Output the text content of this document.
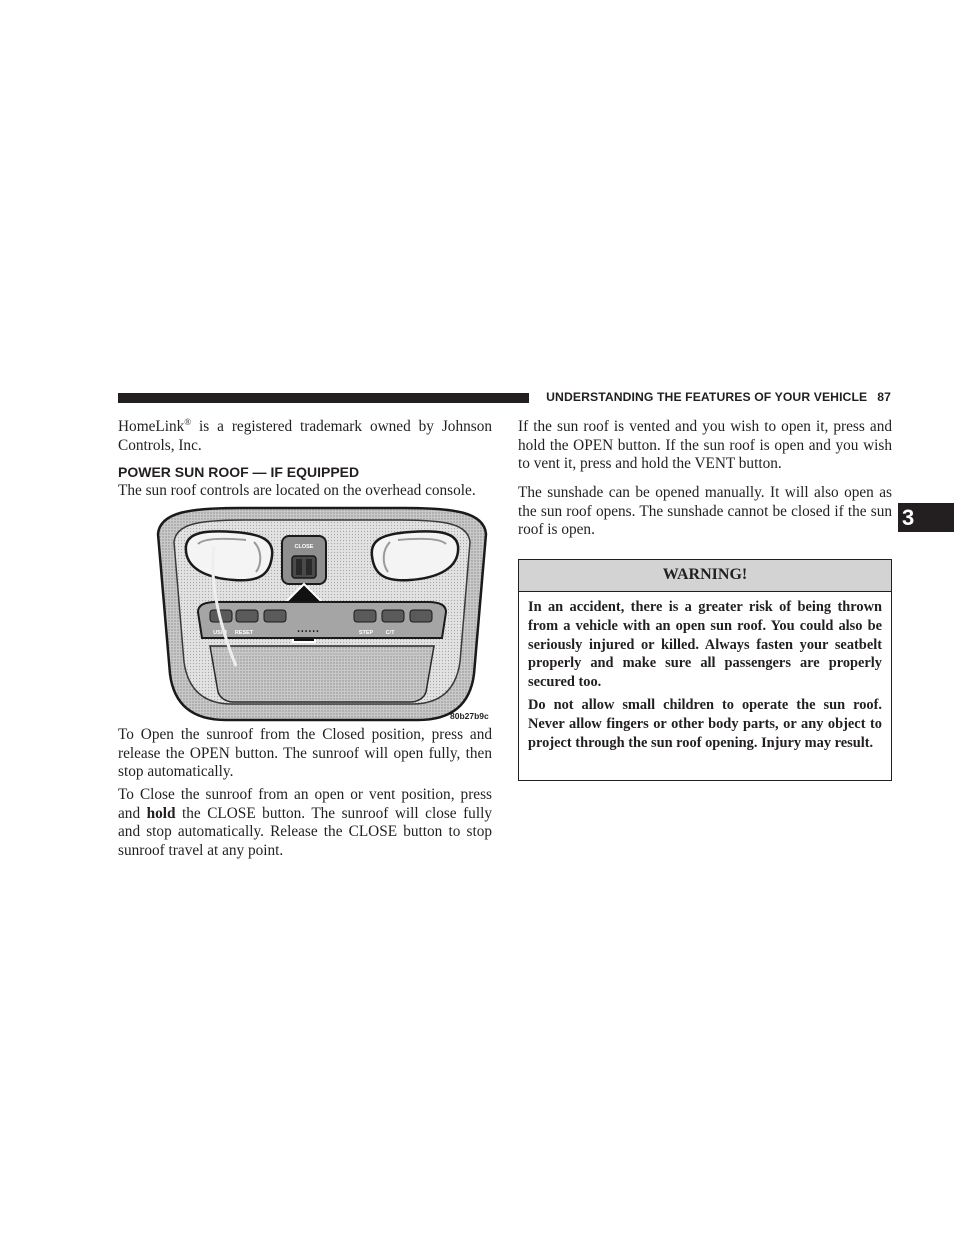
UNDERSTANDING THE FEATURES OF YOUR VEHICLE 87
3
HomeLink® is a registered trademark owned by Johnson Controls, Inc.
POWER SUN ROOF — IF EQUIPPED
The sun roof controls are located on the overhead console.
CLOSE
US/M RESET	• • • • • •	STEP C/T
80b27b9c
To Open the sunroof from the Closed position, press and release the OPEN button. The sunroof will open fully, then stop automatically.
To Close the sunroof from an open or vent position, press and hold the CLOSE button. The sunroof will close fully and stop automatically. Release the CLOSE button to stop sunroof travel at any point.
If the sun roof is vented and you wish to open it, press and hold the OPEN button. If the sun roof is open and you wish to vent it, press and hold the VENT button.
The sunshade can be opened manually. It will also open as the sun roof opens. The sunshade cannot be closed if the sun roof is open.
WARNING!

In an accident, there is a greater risk of being thrown from a vehicle with an open sun roof. You could also be seriously injured or killed. Always fasten your seatbelt properly and make sure all passengers are properly secured too.

Do not allow small children to operate the sun roof. Never allow fingers or other body parts, or any object to project through the sun roof opening. Injury may result.
